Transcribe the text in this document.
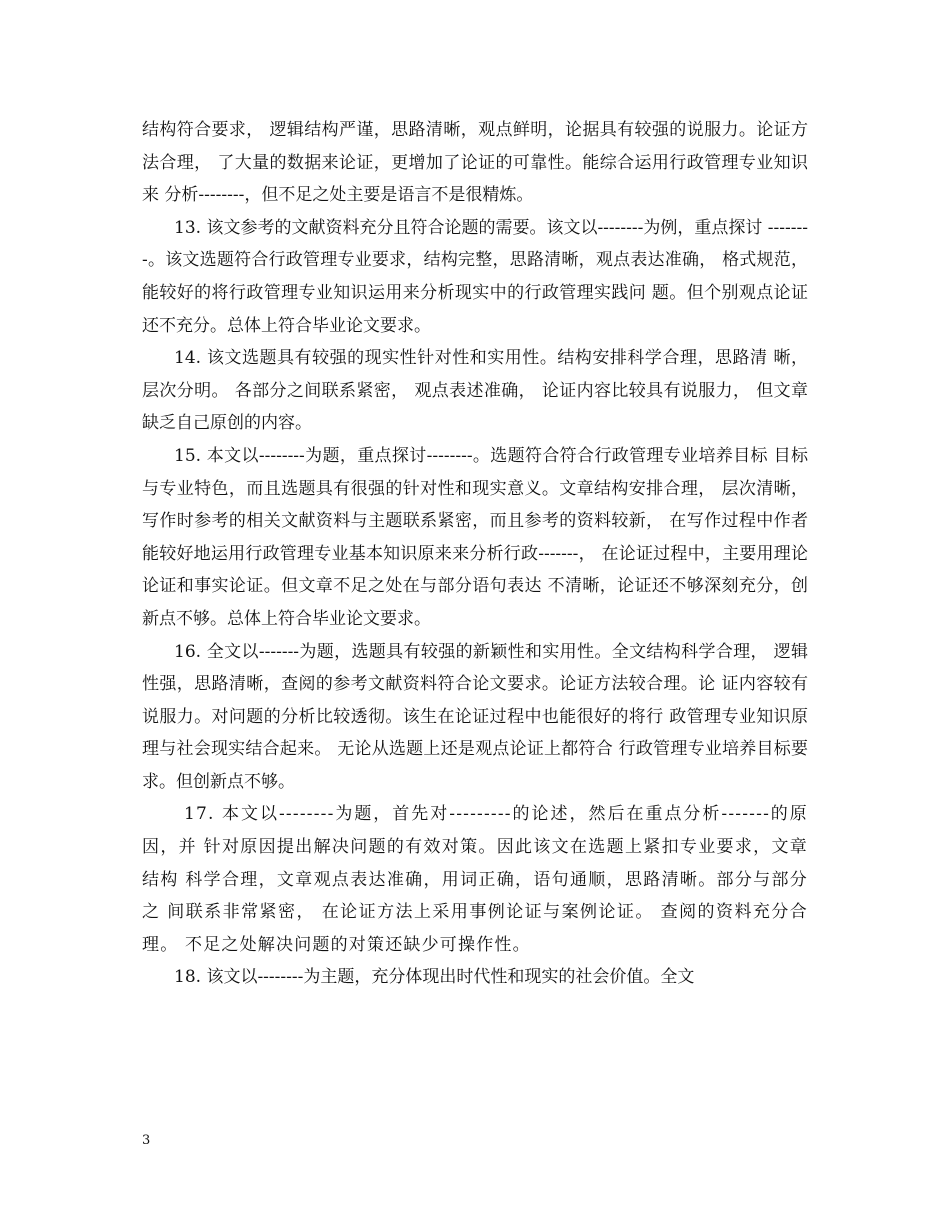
结构符合要求， 逻辑结构严谨，思路清晰，观点鲜明，论据具有较强的说服力。论证方法合理， 了大量的数据来论证，更增加了论证的可靠性。能综合运用行政管理专业知识来 分析--------，但不足之处主要是语言不是很精炼。

13. 该文参考的文献资料充分且符合论题的需要。该文以--------为例，重点探讨 --------。该文选题符合行政管理专业要求，结构完整，思路清晰，观点表达准确， 格式规范，能较好的将行政管理专业知识运用来分析现实中的行政管理实践问 题。但个别观点论证还不充分。总体上符合毕业论文要求。

14. 该文选题具有较强的现实性针对性和实用性。结构安排科学合理，思路清 晰， 层次分明。 各部分之间联系紧密， 观点表述准确， 论证内容比较具有说服力， 但文章缺乏自己原创的内容。

15. 本文以--------为题，重点探讨--------。选题符合符合行政管理专业培养目标 目标与专业特色，而且选题具有很强的针对性和现实意义。文章结构安排合理， 层次清晰，写作时参考的相关文献资料与主题联系紧密，而且参考的资料较新， 在写作过程中作者能较好地运用行政管理专业基本知识原来来分析行政-------， 在论证过程中，主要用理论论证和事实论证。但文章不足之处在与部分语句表达 不清晰，论证还不够深刻充分，创新点不够。总体上符合毕业论文要求。

16. 全文以-------为题，选题具有较强的新颖性和实用性。全文结构科学合理， 逻辑性强，思路清晰，查阅的参考文献资料符合论文要求。论证方法较合理。论 证内容较有说服力。对问题的分析比较透彻。该生在论证过程中也能很好的将行 政管理专业知识原理与社会现实结合起来。 无论从选题上还是观点论证上都符合 行政管理专业培养目标要求。但创新点不够。

17. 本文以--------为题，首先对---------的论述，然后在重点分析-------的原因，并 针对原因提出解决问题的有效对策。因此该文在选题上紧扣专业要求，文章结构 科学合理，文章观点表达准确，用词正确，语句通顺，思路清晰。部分与部分之 间联系非常紧密， 在论证方法上采用事例论证与案例论证。 查阅的资料充分合理。 不足之处解决问题的对策还缺少可操作性。

18. 该文以--------为主题，充分体现出时代性和现实的社会价值。全文

3
